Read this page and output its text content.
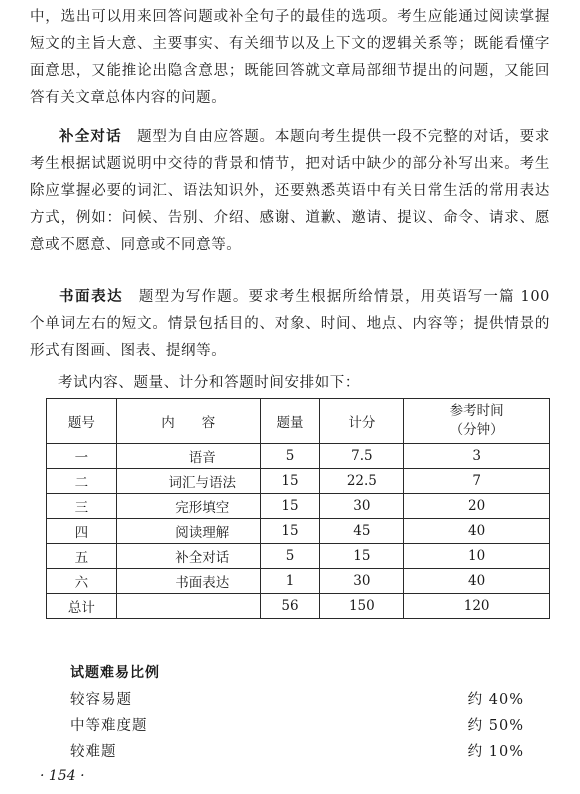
中，选出可以用来回答问题或补全句子的最佳的选项。考生应能通过阅读掌握短文的主旨大意、主要事实、有关细节以及上下文的逻辑关系等；既能看懂字面意思，又能推论出隐含意思；既能回答就文章局部细节提出的问题，又能回答有关文章总体内容的问题。

补全对话　 题型为自由应答题。本题向考生提供一段不完整的对话，要求考生根据试题说明中交待的背景和情节，把对话中缺少的部分补写出来。考生除应掌握必要的词汇、语法知识外，还要熟悉英语中有关日常生活的常用表达方式，例如：问候、告别、介绍、感谢、道歉、邀请、提议、命令、请求、愿意或不愿意、同意或不同意等。

书面表达　 题型为写作题。要求考生根据所给情景，用英语写一篇 100 个单词左右的短文。情景包括目的、对象、时间、地点、内容等；提供情景的形式有图画、图表、提纲等。

考试内容、题量、计分和答题时间安排如下：

题号	内　　容	题量	计分	参考时间
（分钟）

一	语音	5	7.5	3
二	词汇与语法	15	22.5	7
三	完形填空	15	30	20
四	阅读理解	15	45	40
五	补全对话	5	15	10
六	书面表达	1	30	40
总计		56	150	120
试题难易比例
较容易题	约 40%
中等难度题	约 50%
较难题	约 10%
· 154 ·
